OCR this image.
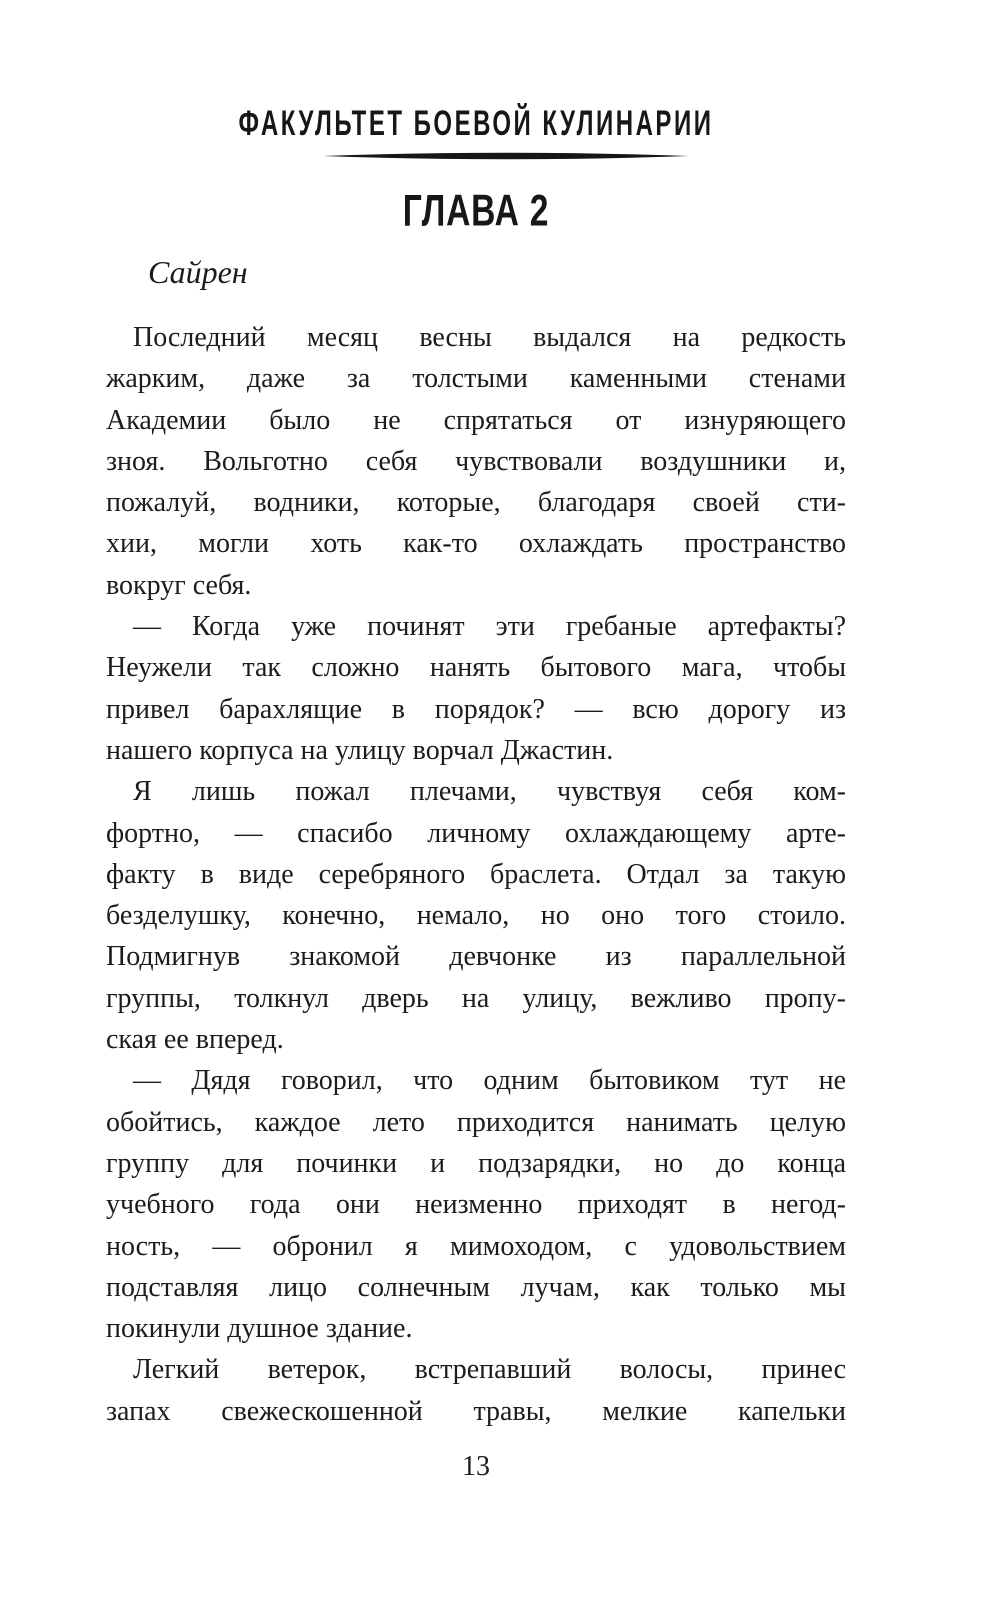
ФАКУЛЬТЕТ БОЕВОЙ КУЛИНАРИИ
ГЛАВА 2
Сайрен
Последний месяц весны выдался на редкость
жарким, даже за толстыми каменными стенами
Академии было не спрятаться от изнуряющего
зноя. Вольготно себя чувствовали воздушники и,
пожалуй, водники, которые, благодаря своей сти-
хии, могли хоть как-то охлаждать пространство
вокруг себя.
— Когда уже починят эти гребаные артефакты?
Неужели так сложно нанять бытового мага, чтобы
привел барахлящие в порядок? — всю дорогу из
нашего корпуса на улицу ворчал Джастин.
Я лишь пожал плечами, чувствуя себя ком-
фортно, — спасибо личному охлаждающему арте-
факту в виде серебряного браслета. Отдал за такую
безделушку, конечно, немало, но оно того стоило.
Подмигнув знакомой девчонке из параллельной
группы, толкнул дверь на улицу, вежливо пропу-
ская ее вперед.
— Дядя говорил, что одним бытовиком тут не
обойтись, каждое лето приходится нанимать целую
группу для починки и подзарядки, но до конца
учебного года они неизменно приходят в негод-
ность, — обронил я мимоходом, с удовольствием
подставляя лицо солнечным лучам, как только мы
покинули душное здание.
Легкий ветерок, встрепавший волосы, принес
запах свежескошенной травы, мелкие капельки
13
